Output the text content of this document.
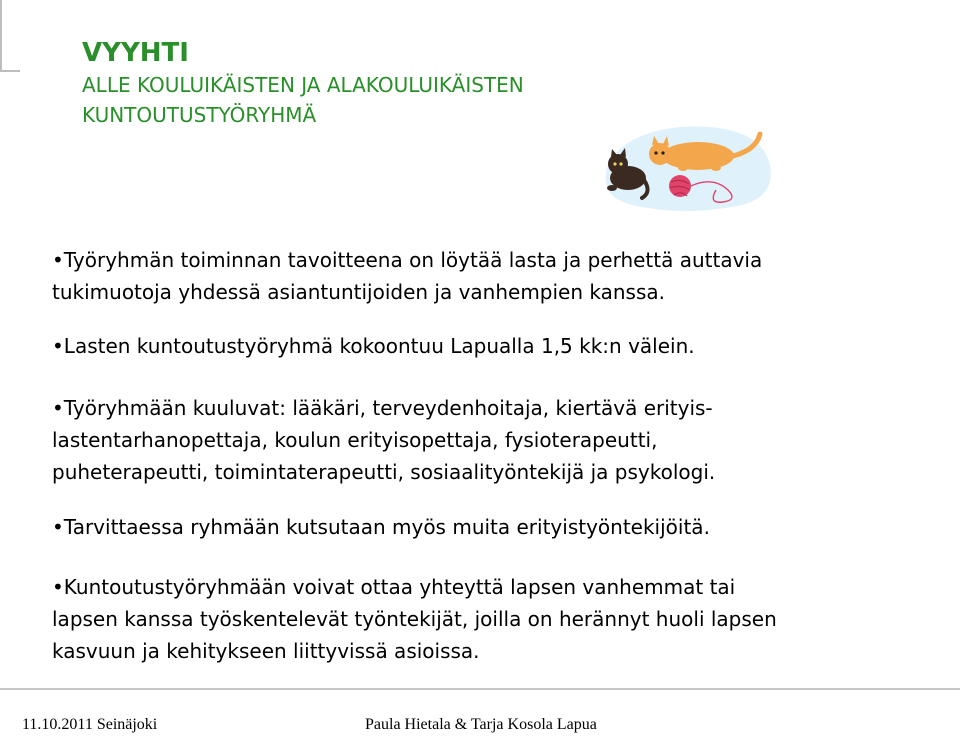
VYYHTI
ALLE KOULUIKÄISTEN JA ALAKOULUIKÄISTEN
KUNTOUTUSTYÖRYHMÄ

• Työryhmän toiminnan tavoitteena on löytää lasta ja perhettä auttavia
tukimuotoja yhdessä asiantuntijoiden ja vanhempien kanssa.

• Lasten kuntoutustyöryhmä kokoontuu Lapualla 1,5 kk:n välein.

• Työryhmään kuuluvat: lääkäri, terveydenhoitaja, kiertävä erityis-
lastentarhanopettaja, koulun erityisopettaja, fysioterapeutti,
puheterapeutti, toimintaterapeutti, sosiaalityöntekijä ja psykologi.

• Tarvittaessa ryhmään kutsutaan myös muita erityistyöntekijöitä.

• Kuntoutustyöryhmään voivat ottaa yhteyttä lapsen vanhemmat tai
lapsen kanssa työskentelevät työntekijät, joilla on herännyt huoli lapsen
kasvuun ja kehitykseen liittyvissä asioissa.

11.10.2011 Seinäjoki	Paula Hietala & Tarja Kosola Lapua
